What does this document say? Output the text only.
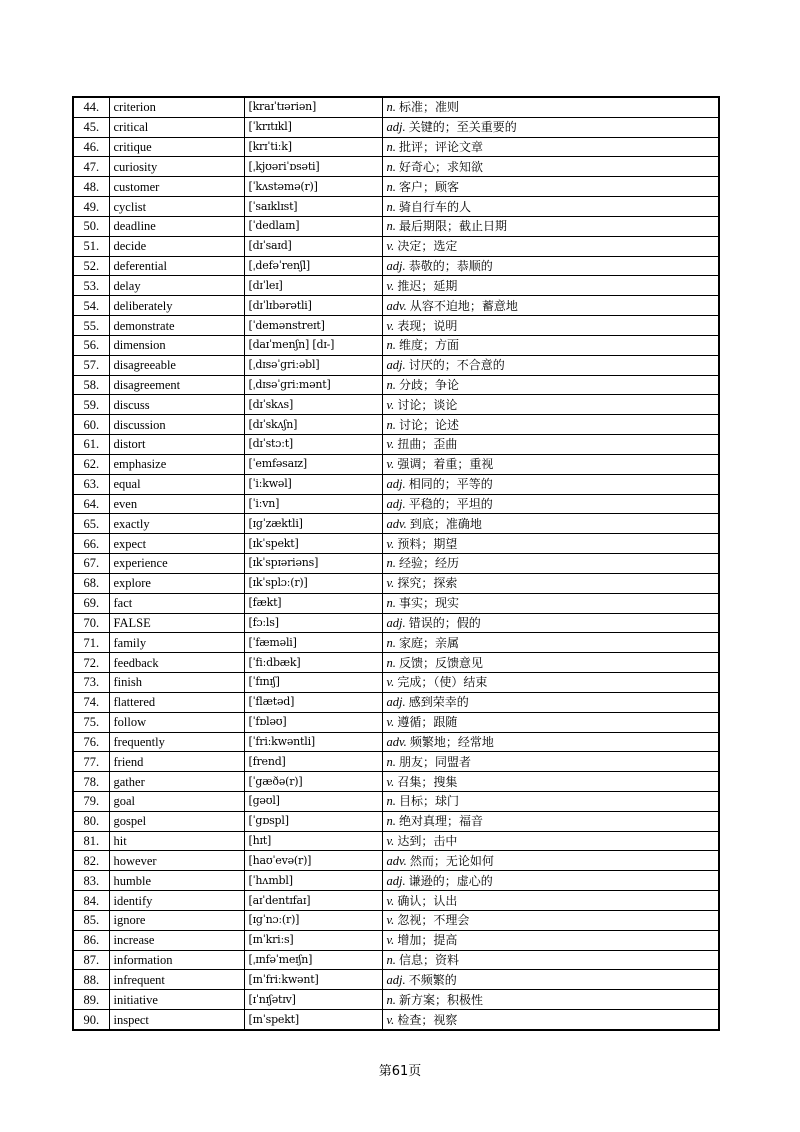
44.	criterion	[kraɪˈtɪəriən]	n. 标准；准则
45.	critical	[ˈkrɪtɪkl]	adj. 关键的；至关重要的
46.	critique	[krɪˈtiːk]	n. 批评；评论文章
47.	curiosity	[ˌkjʊəriˈɒsəti]	n. 好奇心；求知欲
48.	customer	[ˈkʌstəmə(r)]	n. 客户；顾客
49.	cyclist	[ˈsaɪklɪst]	n. 骑自行车的人
50.	deadline	[ˈdedlaɪn]	n. 最后期限；截止日期
51.	decide	[dɪˈsaɪd]	v. 决定；选定
52.	deferential	[ˌdefəˈrenʃl]	adj. 恭敬的；恭顺的
53.	delay	[dɪˈleɪ]	v. 推迟；延期
54.	deliberately	[dɪˈlɪbərətli]	adv. 从容不迫地；蓄意地
55.	demonstrate	[ˈdemənstreɪt]	v. 表现；说明
56.	dimension	[daɪˈmenʃn] [dɪ-]	n. 维度；方面
57.	disagreeable	[ˌdɪsəˈgriːəbl]	adj. 讨厌的；不合意的
58.	disagreement	[ˌdɪsəˈgriːmənt]	n. 分歧；争论
59.	discuss	[dɪˈskʌs]	v. 讨论；谈论
60.	discussion	[dɪˈskʌʃn]	n. 讨论；论述
61.	distort	[dɪˈstɔːt]	v. 扭曲；歪曲
62.	emphasize	[ˈemfəsaɪz]	v. 强调；着重；重视
63.	equal	[ˈiːkwəl]	adj. 相同的；平等的
64.	even	[ˈiːvn]	adj. 平稳的；平坦的
65.	exactly	[ɪgˈzæktli]	adv. 到底；准确地
66.	expect	[ɪkˈspekt]	v. 预料；期望
67.	experience	[ɪkˈspɪəriəns]	n. 经验；经历
68.	explore	[ɪkˈsplɔː(r)]	v. 探究；探索
69.	fact	[fækt]	n. 事实；现实
70.	FALSE	[fɔːls]	adj. 错误的；假的
71.	family	[ˈfæməli]	n. 家庭；亲属
72.	feedback	[ˈfiːdbæk]	n. 反馈；反馈意见
73.	finish	[ˈfɪnɪʃ]	v. 完成；（使）结束
74.	flattered	[ˈflætəd]	adj. 感到荣幸的
75.	follow	[ˈfɒləʊ]	v. 遵循；跟随
76.	frequently	[ˈfriːkwəntli]	adv. 频繁地；经常地
77.	friend	[frend]	n. 朋友；同盟者
78.	gather	[ˈgæðə(r)]	v. 召集；搜集
79.	goal	[gəʊl]	n. 目标；球门
80.	gospel	[ˈgɒspl]	n. 绝对真理；福音
81.	hit	[hɪt]	v. 达到；击中
82.	however	[haʊˈevə(r)]	adv. 然而；无论如何
83.	humble	[ˈhʌmbl]	adj. 谦逊的；虚心的
84.	identify	[aɪˈdentɪfaɪ]	v. 确认；认出
85.	ignore	[ɪgˈnɔː(r)]	v. 忽视；不理会
86.	increase	[ɪnˈkriːs]	v. 增加；提高
87.	information	[ˌɪnfəˈmeɪʃn]	n. 信息；资料
88.	infrequent	[ɪnˈfriːkwənt]	adj. 不频繁的
89.	initiative	[ɪˈnɪʃətɪv]	n. 新方案；积极性
90.	inspect	[ɪnˈspekt]	v. 检查；视察
第61页
